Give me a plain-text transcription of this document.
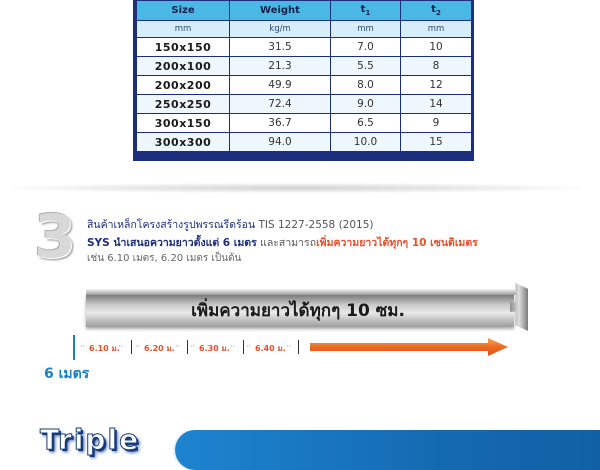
Size	Weight	$t_1$	$t_2$
mm	kg/m	mm	mm
150x150	31.5	7.0	10
200x100	21.3	5.5	8
200x200	49.9	8.0	12
250x250	72.4	9.0	14
300x150	36.7	6.5	9
300x300	94.0	10.0	15

3	สินค้าเหล็กโครงสร้างรูปพรรณรีดร้อน TIS 1227-2558 (2015)
SYS นำเสนอความยาวตั้งแต่ 6 เมตร และสามารถเพิ่มความยาวได้ทุกๆ 10 เซนติเมตร
เช่น 6.10 เมตร, 6.20 เมตร เป็นต้น
เพิ่มความยาวได้ทุกๆ 10 ซม.
·· 6.10 ม.
·· ·· 6.20 ม. ·· ·· 6.30 ม. ·· ·· 6.40 ม. ··
6 เมตร
Triple
